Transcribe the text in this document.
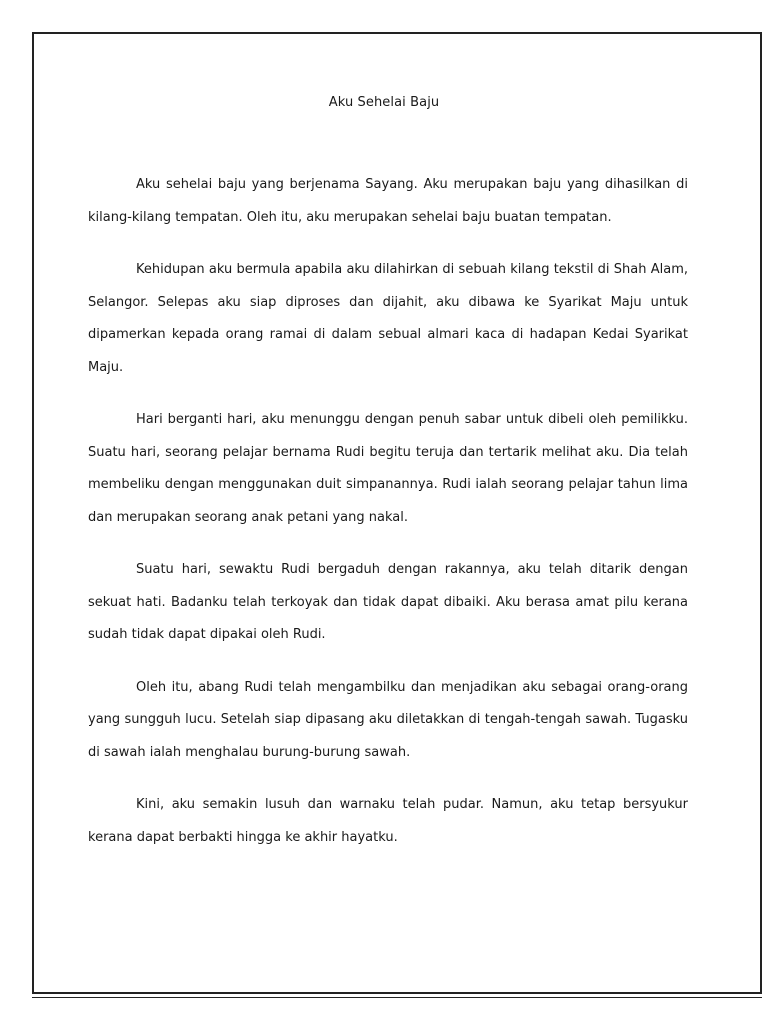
Aku Sehelai Baju

Aku sehelai baju yang berjenama Sayang. Aku merupakan baju yang dihasilkan di kilang-kilang tempatan. Oleh itu, aku merupakan sehelai baju buatan tempatan.

Kehidupan aku bermula apabila aku dilahirkan di sebuah kilang tekstil di Shah Alam, Selangor. Selepas aku siap diproses dan dijahit, aku dibawa ke Syarikat Maju untuk dipamerkan kepada orang ramai di dalam sebual almari kaca di hadapan Kedai Syarikat Maju.

Hari berganti hari, aku menunggu dengan penuh sabar untuk dibeli oleh pemilikku. Suatu hari, seorang pelajar bernama Rudi begitu teruja dan tertarik melihat aku. Dia telah membeliku dengan menggunakan duit simpanannya. Rudi ialah seorang pelajar tahun lima dan merupakan seorang anak petani yang nakal.

Suatu hari, sewaktu Rudi bergaduh dengan rakannya, aku telah ditarik dengan sekuat hati. Badanku telah terkoyak dan tidak dapat dibaiki. Aku berasa amat pilu kerana sudah tidak dapat dipakai oleh Rudi.

Oleh itu, abang Rudi telah mengambilku dan menjadikan aku sebagai orang-orang yang sungguh lucu. Setelah siap dipasang aku diletakkan di tengah-tengah sawah. Tugasku di sawah ialah menghalau burung-burung sawah.

Kini, aku semakin lusuh dan warnaku telah pudar. Namun, aku tetap bersyukur kerana dapat berbakti hingga ke akhir hayatku.
